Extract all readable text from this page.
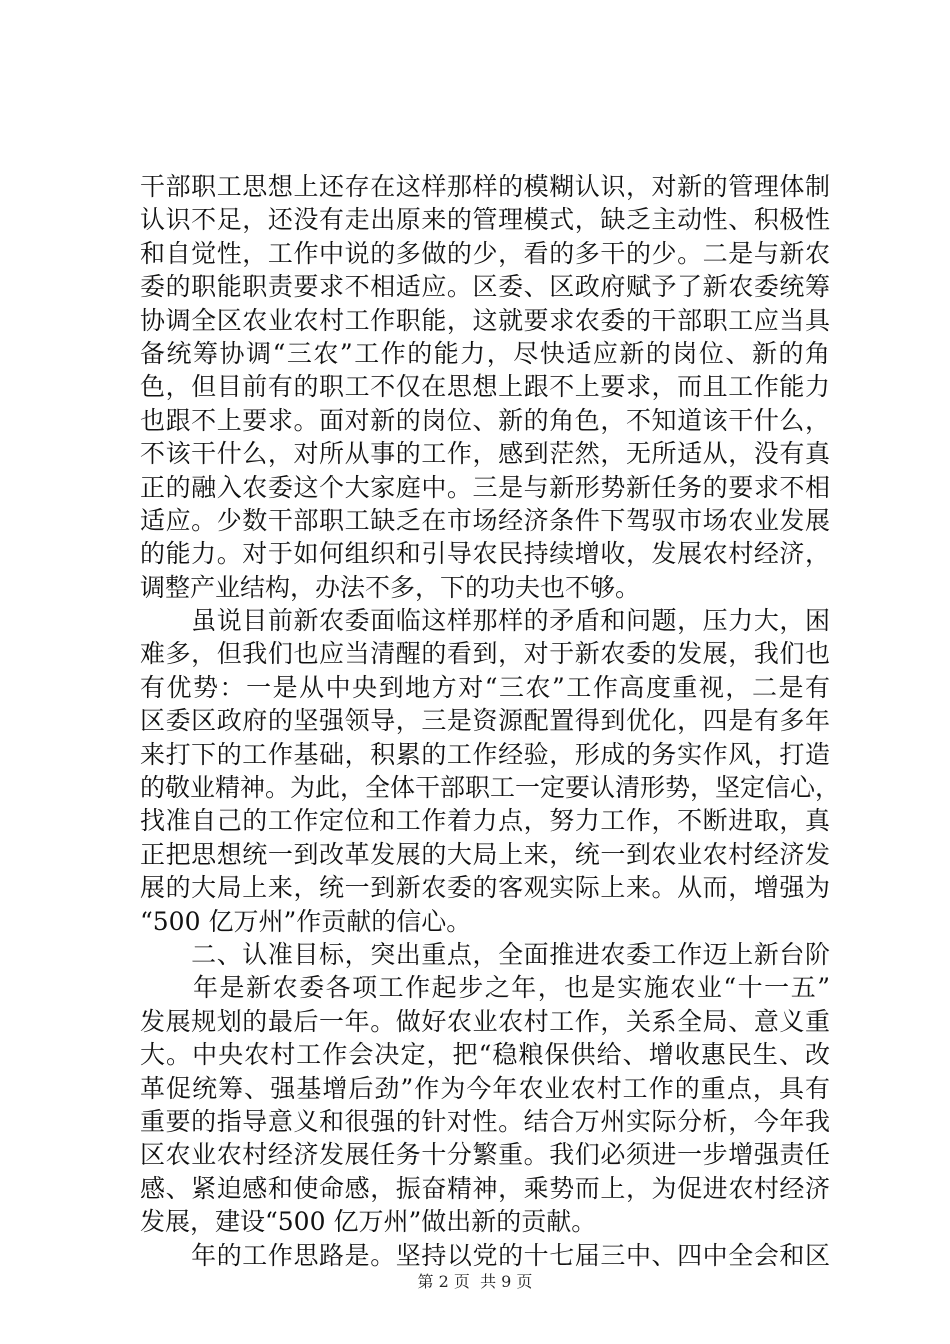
干部职工思想上还存在这样那样的模糊认识，对新的管理体制
认识不足，还没有走出原来的管理模式，缺乏主动性、积极性
和自觉性，工作中说的多做的少，看的多干的少。二是与新农
委的职能职责要求不相适应。区委、区政府赋予了新农委统筹
协调全区农业农村工作职能，这就要求农委的干部职工应当具
备统筹协调“三农”工作的能力，尽快适应新的岗位、新的角
色，但目前有的职工不仅在思想上跟不上要求，而且工作能力
也跟不上要求。面对新的岗位、新的角色，不知道该干什么，
不该干什么，对所从事的工作，感到茫然，无所适从，没有真
正的融入农委这个大家庭中。三是与新形势新任务的要求不相
适应。少数干部职工缺乏在市场经济条件下驾驭市场农业发展
的能力。对于如何组织和引导农民持续增收，发展农村经济，
调整产业结构，办法不多，下的功夫也不够。
　　虽说目前新农委面临这样那样的矛盾和问题，压力大，困
难多，但我们也应当清醒的看到，对于新农委的发展，我们也
有优势：一是从中央到地方对“三农”工作高度重视，二是有
区委区政府的坚强领导，三是资源配置得到优化，四是有多年
来打下的工作基础，积累的工作经验，形成的务实作风，打造
的敬业精神。为此，全体干部职工一定要认清形势，坚定信心，
找准自己的工作定位和工作着力点，努力工作，不断进取，真
正把思想统一到改革发展的大局上来，统一到农业农村经济发
展的大局上来，统一到新农委的客观实际上来。从而，增强为
“500 亿万州”作贡献的信心。
　　二、认准目标，突出重点，全面推进农委工作迈上新台阶
　　年是新农委各项工作起步之年，也是实施农业“十一五”
发展规划的最后一年。做好农业农村工作，关系全局、意义重
大。中央农村工作会决定，把“稳粮保供给、增收惠民生、改
革促统筹、强基增后劲”作为今年农业农村工作的重点，具有
重要的指导意义和很强的针对性。结合万州实际分析，今年我
区农业农村经济发展任务十分繁重。我们必须进一步增强责任
感、紧迫感和使命感，振奋精神，乘势而上，为促进农村经济
发展，建设“500 亿万州”做出新的贡献。
　　年的工作思路是。坚持以党的十七届三中、四中全会和区
第 2 页  共 9 页
